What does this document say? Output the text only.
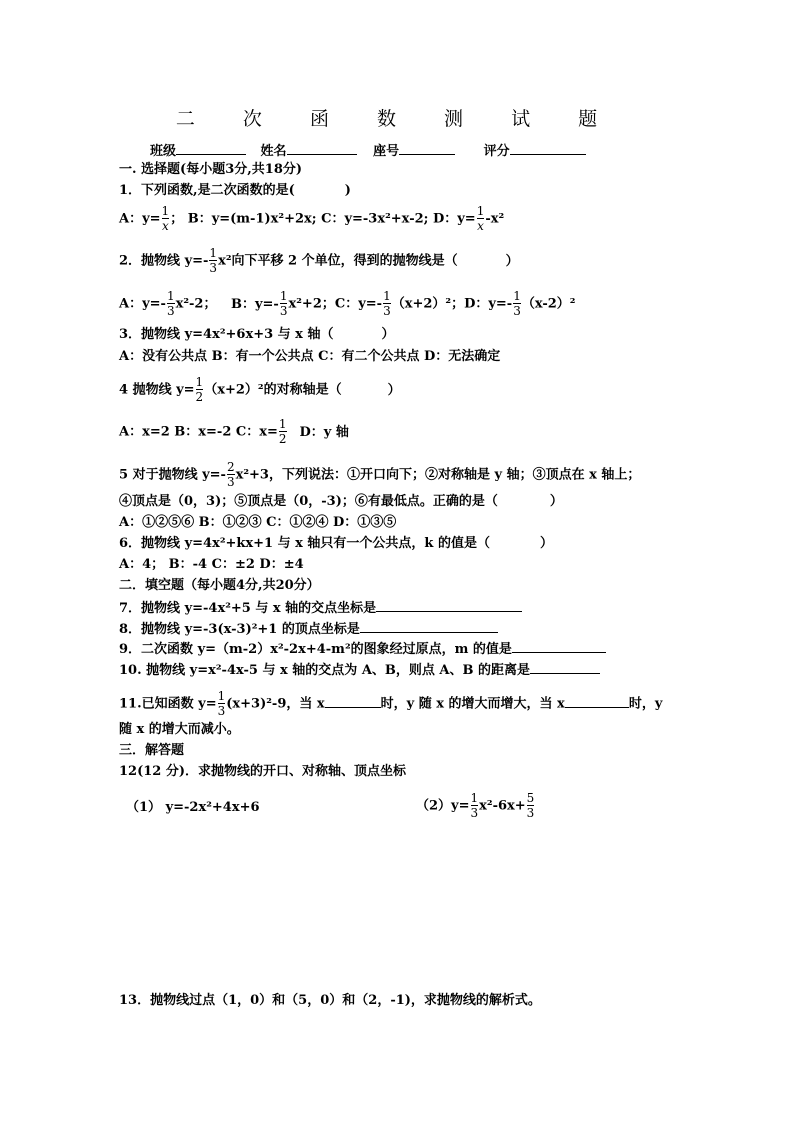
二 次 函 数 测 试 题
班级	姓名	座号	评分
一. 选择题(每小题3分,共18分)
1．下列函数,是二次函数的是(	)
A：$y= \frac{1}{x}$ ； B：y=(m-1)x²+2x; C：y=-3x²+x-2; D：$y= \frac{1}{x} -x^2$
2．抛物线 $y=- \frac{1}{3} x^2$向下平移 2 个单位，得到的抛物线是（	）
A：$y=- \frac{1}{3} x^2-2$； B：$y=- \frac{1}{3} x^2+2$；C：$y=- \frac{1}{3} (x+2)^2$；D：$y=- \frac{1}{3} (x-2)^2$
3．抛物线 y=4x²+6x+3 与 x 轴（	）
A：没有公共点 B：有一个公共点 C：有二个公共点 D：无法确定
4 抛物线 $y= \frac{1}{2} (x+2)^2$的对称轴是（	）
A：x=2 B：x=-2 C：$x= \frac{1}{2}$ D：y 轴
5 对于抛物线 $y=- \frac{2}{3} x^2+3$，下列说法：①开口向下；②对称轴是 y 轴；③顶点在 x 轴上；
④顶点是（0，3)；⑤顶点是（0，-3)；⑥有最低点。正确的是（	）
A：①②⑤⑥ B：①②③ C：①②④ D：①③⑤
6．抛物线 y=4x²+kx+1 与 x 轴只有一个公共点，k 的值是（	）
A：4； B：-4 C：±2 D：±4
二．填空题（每小题4分,共20分）
7．抛物线 y=-4x²+5 与 x 轴的交点坐标是
8．抛物线 y=-3(x-3)²+1 的顶点坐标是
9．二次函数 y=（m-2）x²-2x+4-m²的图象经过原点，m 的值是
10. 抛物线 y=x²-4x-5 与 x 轴的交点为 A、B，则点 A、B 的距离是
11.已知函数 $y= \frac{1}{3} (x+3)^2-9$，当 x	时，y 随 x 的增大而增大，当 x	时，y
随 x 的增大而减小。
三．解答题
12(12 分)．求抛物线的开口、对称轴、顶点坐标
（1） y=-2x²+4x+6	$(2)y= \frac{1}{3} x^2-6x+ \frac{5}{3}$
13．抛物线过点（1，0）和（5，0）和（2，-1)，求抛物线的解析式。
